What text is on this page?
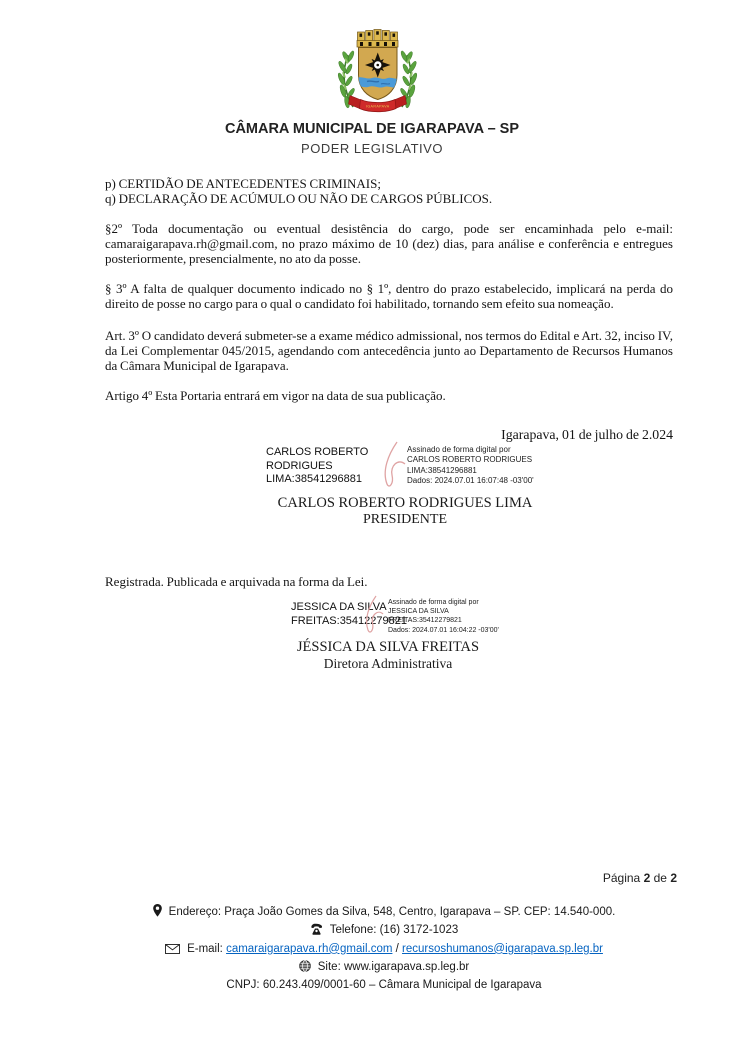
IGARAPAVA
CÂMARA MUNICIPAL DE IGARAPAVA – SP
PODER LEGISLATIVO
p) CERTIDÃO DE ANTECEDENTES CRIMINAIS;
q) DECLARAÇÃO DE ACÚMULO OU NÃO DE CARGOS PÚBLICOS.
§2º Toda documentação ou eventual desistência do cargo, pode ser encaminhada pelo e-mail: camaraigarapava.rh@gmail.com, no prazo máximo de 10 (dez) dias, para análise e conferência e entregues posteriormente, presencialmente, no ato da posse.
§ 3º A falta de qualquer documento indicado no § 1º, dentro do prazo estabelecido, implicará na perda do direito de posse no cargo para o qual o candidato foi habilitado, tornando sem efeito sua nomeação.
Art. 3º O candidato deverá submeter-se a exame médico admissional, nos termos do Edital e Art. 32, inciso IV, da Lei Complementar 045/2015, agendando com antecedência junto ao Departamento de Recursos Humanos da Câmara Municipal de Igarapava.
Artigo 4º Esta Portaria entrará em vigor na data de sua publicação.
Igarapava, 01 de julho de 2.024
CARLOS ROBERTO
RODRIGUES
LIMA:38541296881
Assinado de forma digital por
CARLOS ROBERTO RODRIGUES
LIMA:38541296881
Dados: 2024.07.01 16:07:48 -03'00'
CARLOS ROBERTO RODRIGUES LIMA
PRESIDENTE
Registrada. Publicada e arquivada na forma da Lei.
JESSICA DA SILVA
FREITAS:35412279821
Assinado de forma digital por
JESSICA DA SILVA
FREITAS:35412279821
Dados: 2024.07.01 16:04:22 -03'00'
JÉSSICA DA SILVA FREITAS
Diretora Administrativa
Página 2 de 2
Endereço: Praça João Gomes da Silva, 548, Centro, Igarapava – SP. CEP: 14.540-000.
Telefone: (16) 3172-1023
E-mail: camaraigarapava.rh@gmail.com / recursoshumanos@igarapava.sp.leg.br
Site: www.igarapava.sp.leg.br
CNPJ: 60.243.409/0001-60 – Câmara Municipal de Igarapava
